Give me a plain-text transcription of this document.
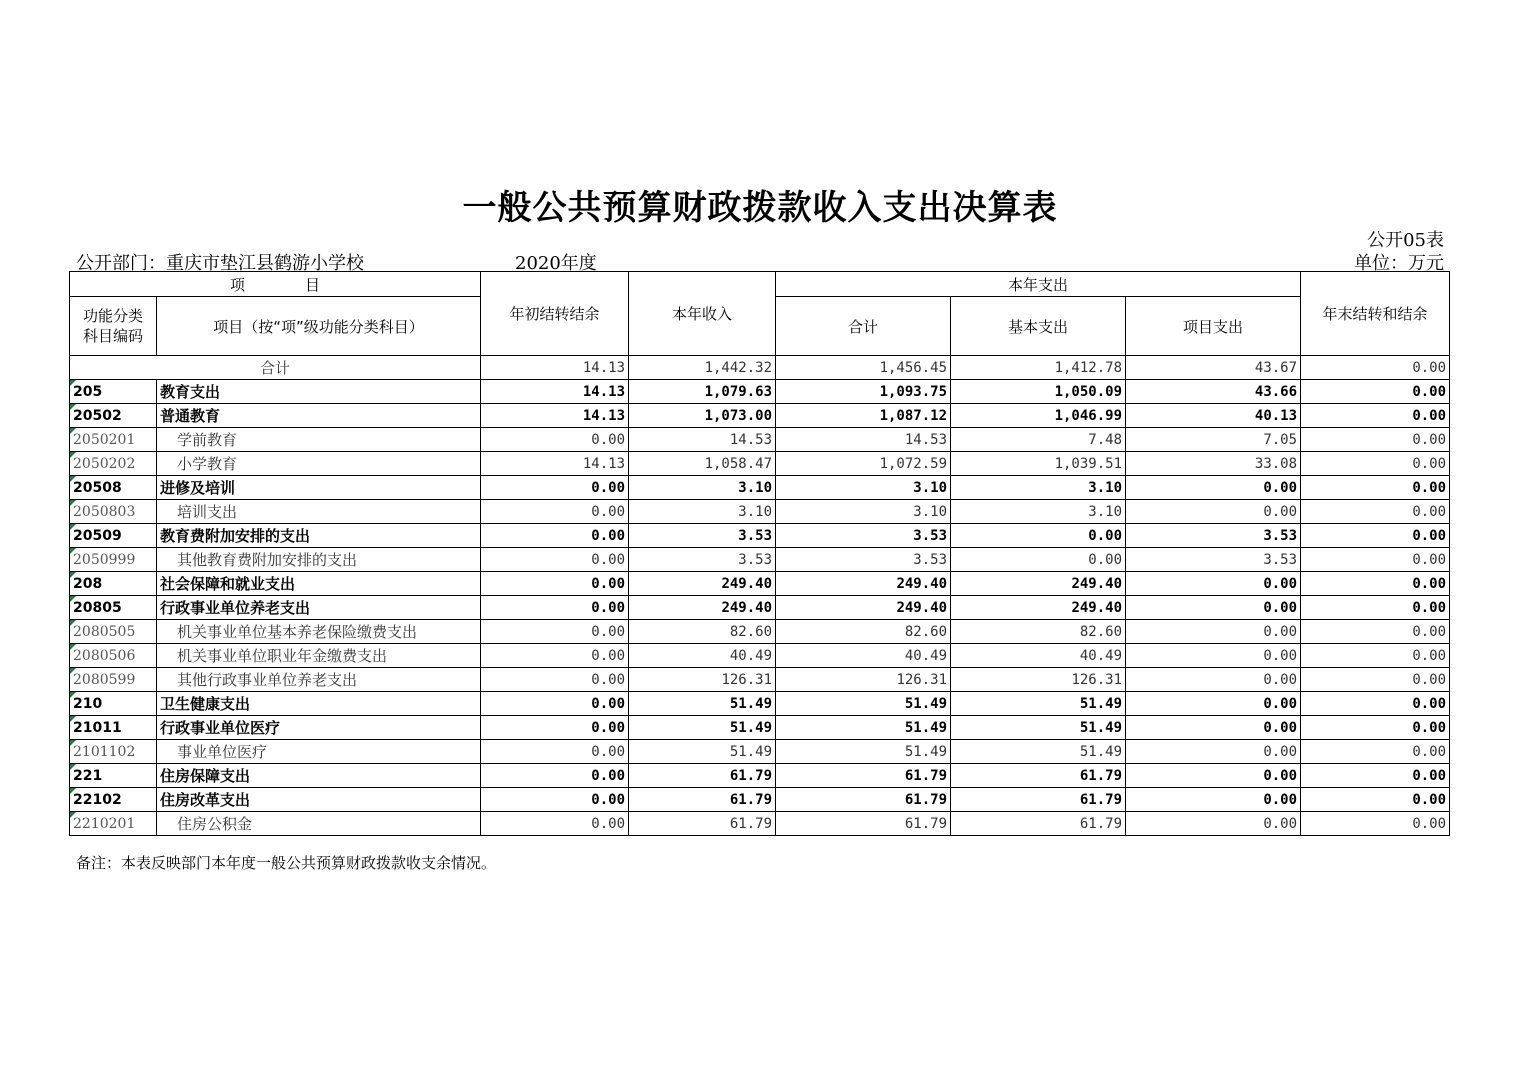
一般公共预算财政拨款收入支出决算表
公开05表
公开部门：重庆市垫江县鹤游小学校	2020年度	单位：万元
项　　　　目		年初结转结余	本年收入	本年支出			年末结转和结余
功能分类
科目编码	项目（按“项”级功能分类科目）			合计	基本支出	项目支出	
合计		14.13	1,442.32	1,456.45	1,412.78	43.67	0.00
205	教育支出	14.13	1,079.63	1,093.75	1,050.09	43.66	0.00
20502	普通教育	14.13	1,073.00	1,087.12	1,046.99	40.13	0.00
2050201	学前教育	0.00	14.53	14.53	7.48	7.05	0.00
2050202	小学教育	14.13	1,058.47	1,072.59	1,039.51	33.08	0.00
20508	进修及培训	0.00	3.10	3.10	3.10	0.00	0.00
2050803	培训支出	0.00	3.10	3.10	3.10	0.00	0.00
20509	教育费附加安排的支出	0.00	3.53	3.53	0.00	3.53	0.00
2050999	其他教育费附加安排的支出	0.00	3.53	3.53	0.00	3.53	0.00
208	社会保障和就业支出	0.00	249.40	249.40	249.40	0.00	0.00
20805	行政事业单位养老支出	0.00	249.40	249.40	249.40	0.00	0.00
2080505	机关事业单位基本养老保险缴费支出	0.00	82.60	82.60	82.60	0.00	0.00
2080506	机关事业单位职业年金缴费支出	0.00	40.49	40.49	40.49	0.00	0.00
2080599	其他行政事业单位养老支出	0.00	126.31	126.31	126.31	0.00	0.00
210	卫生健康支出	0.00	51.49	51.49	51.49	0.00	0.00
21011	行政事业单位医疗	0.00	51.49	51.49	51.49	0.00	0.00
2101102	事业单位医疗	0.00	51.49	51.49	51.49	0.00	0.00
221	住房保障支出	0.00	61.79	61.79	61.79	0.00	0.00
22102	住房改革支出	0.00	61.79	61.79	61.79	0.00	0.00
2210201	住房公积金	0.00	61.79	61.79	61.79	0.00	0.00
备注：本表反映部门本年度一般公共预算财政拨款收支余情况。
